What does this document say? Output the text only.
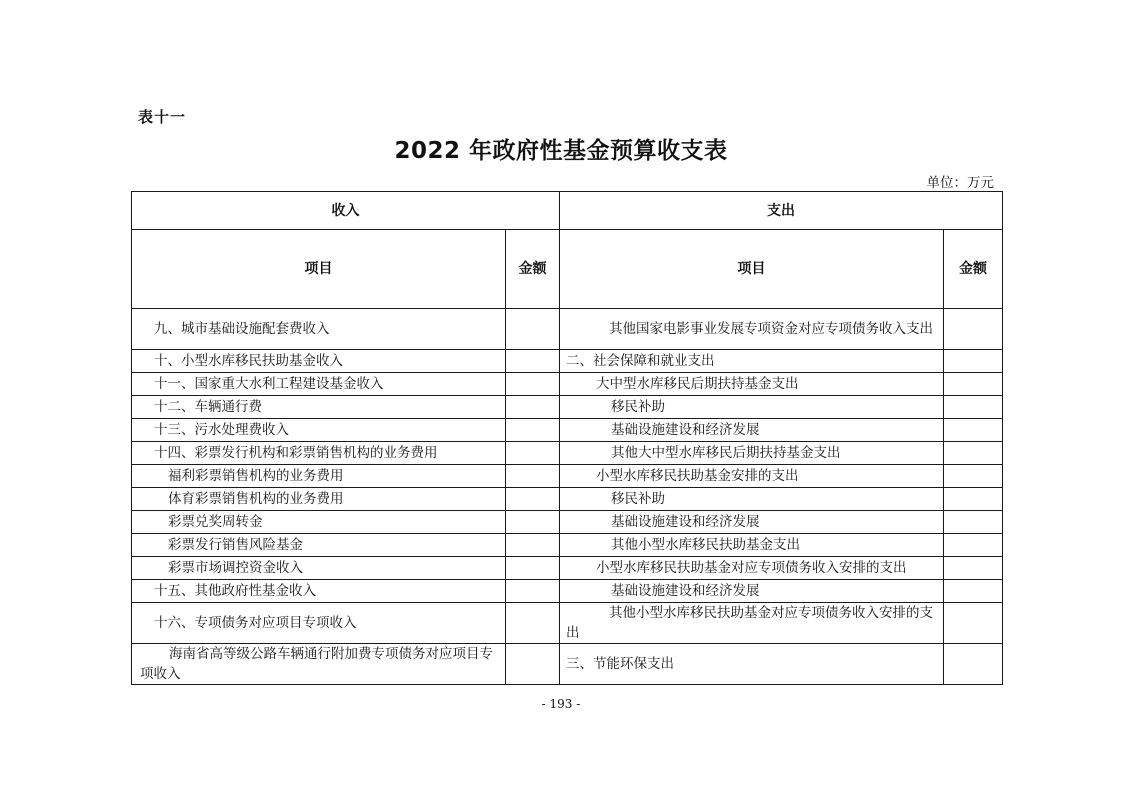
表十一
2022 年政府性基金预算收支表
单位：万元
收入		支出	
项目	金额	项目	金额
九、城市基础设施配套费收入		其他国家电影事业发展专项资金对应专项债务收入支出	
十、小型水库移民扶助基金收入		二、社会保障和就业支出	
十一、国家重大水利工程建设基金收入		大中型水库移民后期扶持基金支出	
十二、车辆通行费		移民补助	
十三、污水处理费收入		基础设施建设和经济发展	
十四、彩票发行机构和彩票销售机构的业务费用		其他大中型水库移民后期扶持基金支出	
福利彩票销售机构的业务费用		小型水库移民扶助基金安排的支出	
体育彩票销售机构的业务费用		移民补助	
彩票兑奖周转金		基础设施建设和经济发展	
彩票发行销售风险基金		其他小型水库移民扶助基金支出	
彩票市场调控资金收入		小型水库移民扶助基金对应专项债务收入安排的支出	
十五、其他政府性基金收入		基础设施建设和经济发展	
十六、专项债务对应项目专项收入		其他小型水库移民扶助基金对应专项债务收入安排的支出	
海南省高等级公路车辆通行附加费专项债务对应项目专项收入		三、节能环保支出	
- 193 -
